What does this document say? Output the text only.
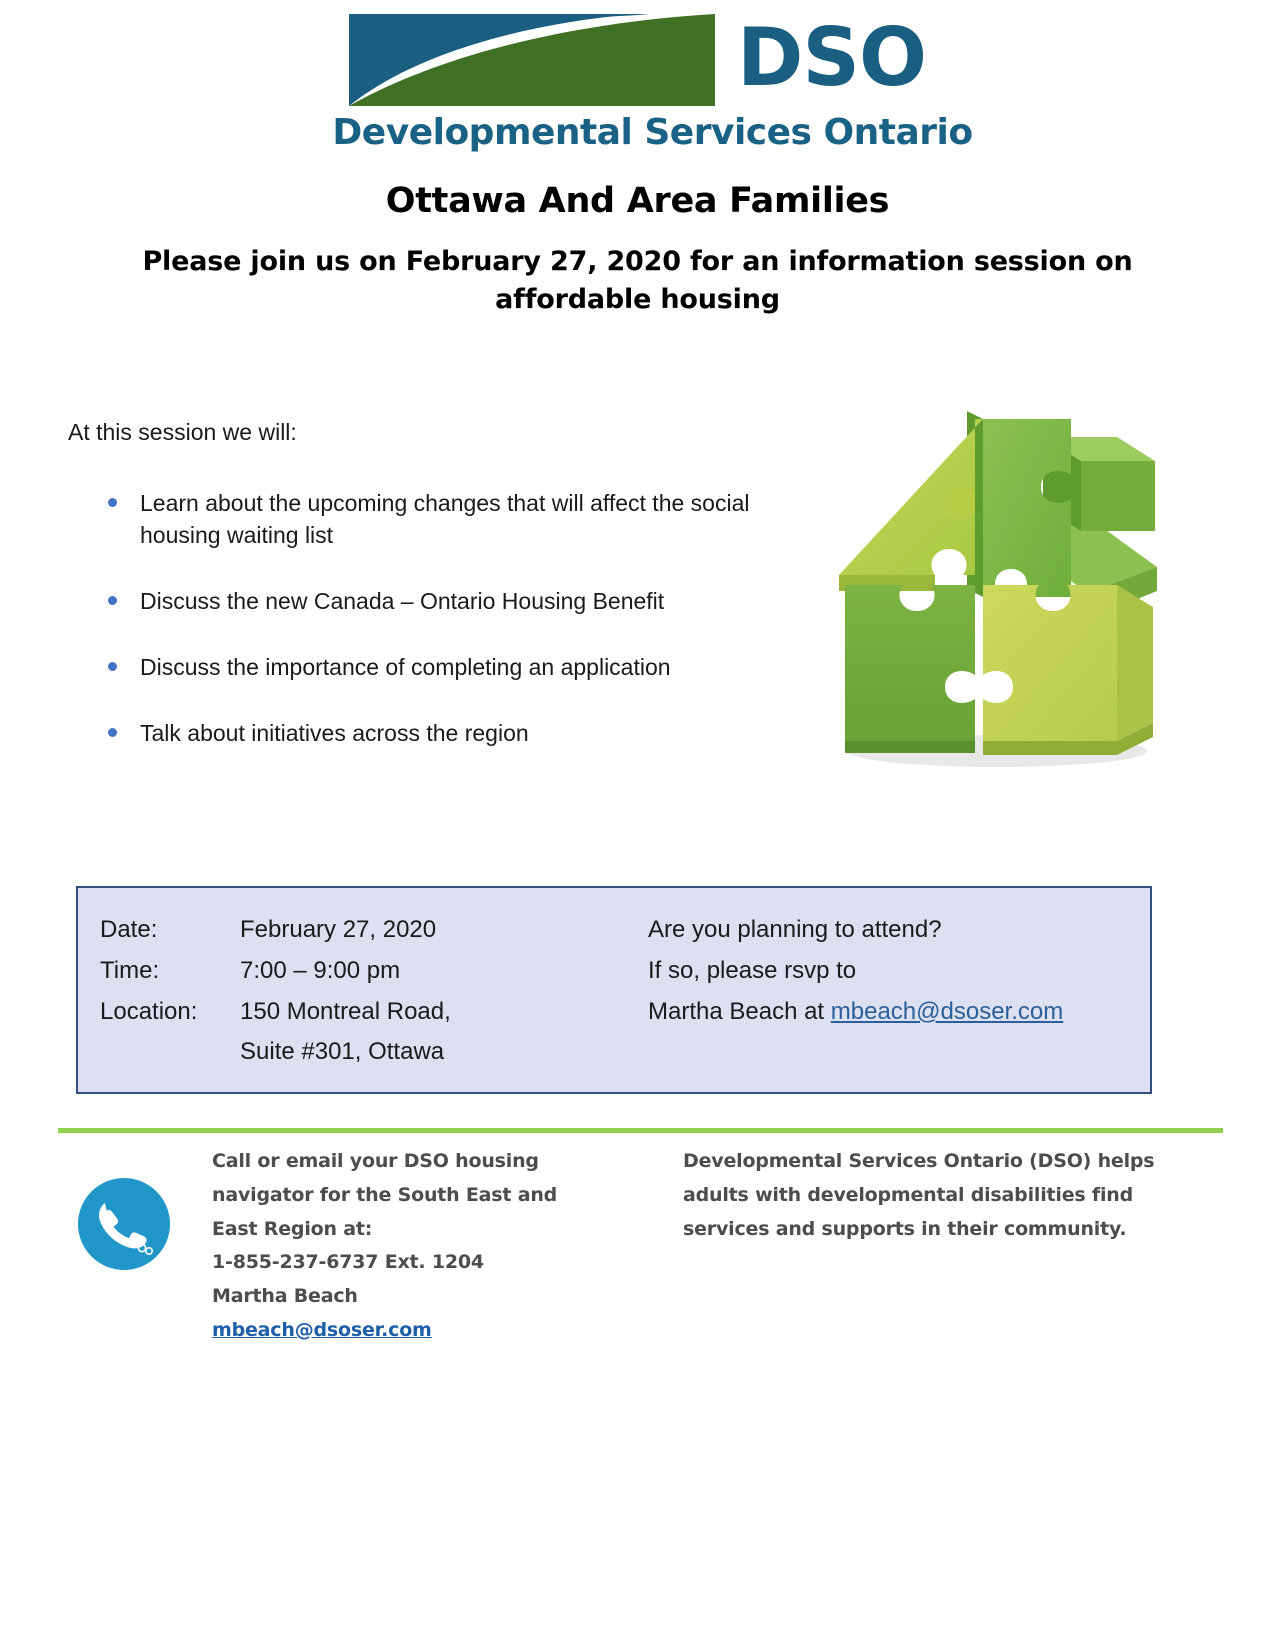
DSO
Developmental Services Ontario
Ottawa And Area Families
Please join us on February 27, 2020 for an information session on affordable housing
At this session we will:
Learn about the upcoming changes that will affect the social housing waiting list
Discuss the new Canada – Ontario Housing Benefit
Discuss the importance of completing an application
Talk about initiatives across the region
Date:	February 27, 2020
Time:	7:00 – 9:00 pm
Location:	150 Montreal Road,
Suite #301, Ottawa
Are you planning to attend?
If so, please rsvp to
Martha Beach at mbeach@dsoser.com
Call or email your DSO housing
navigator for the South East and
East Region at:
1-855-237-6737 Ext. 1204
Martha Beach
mbeach@dsoser.com
Developmental Services Ontario (DSO) helps
adults with developmental disabilities find
services and supports in their community.
